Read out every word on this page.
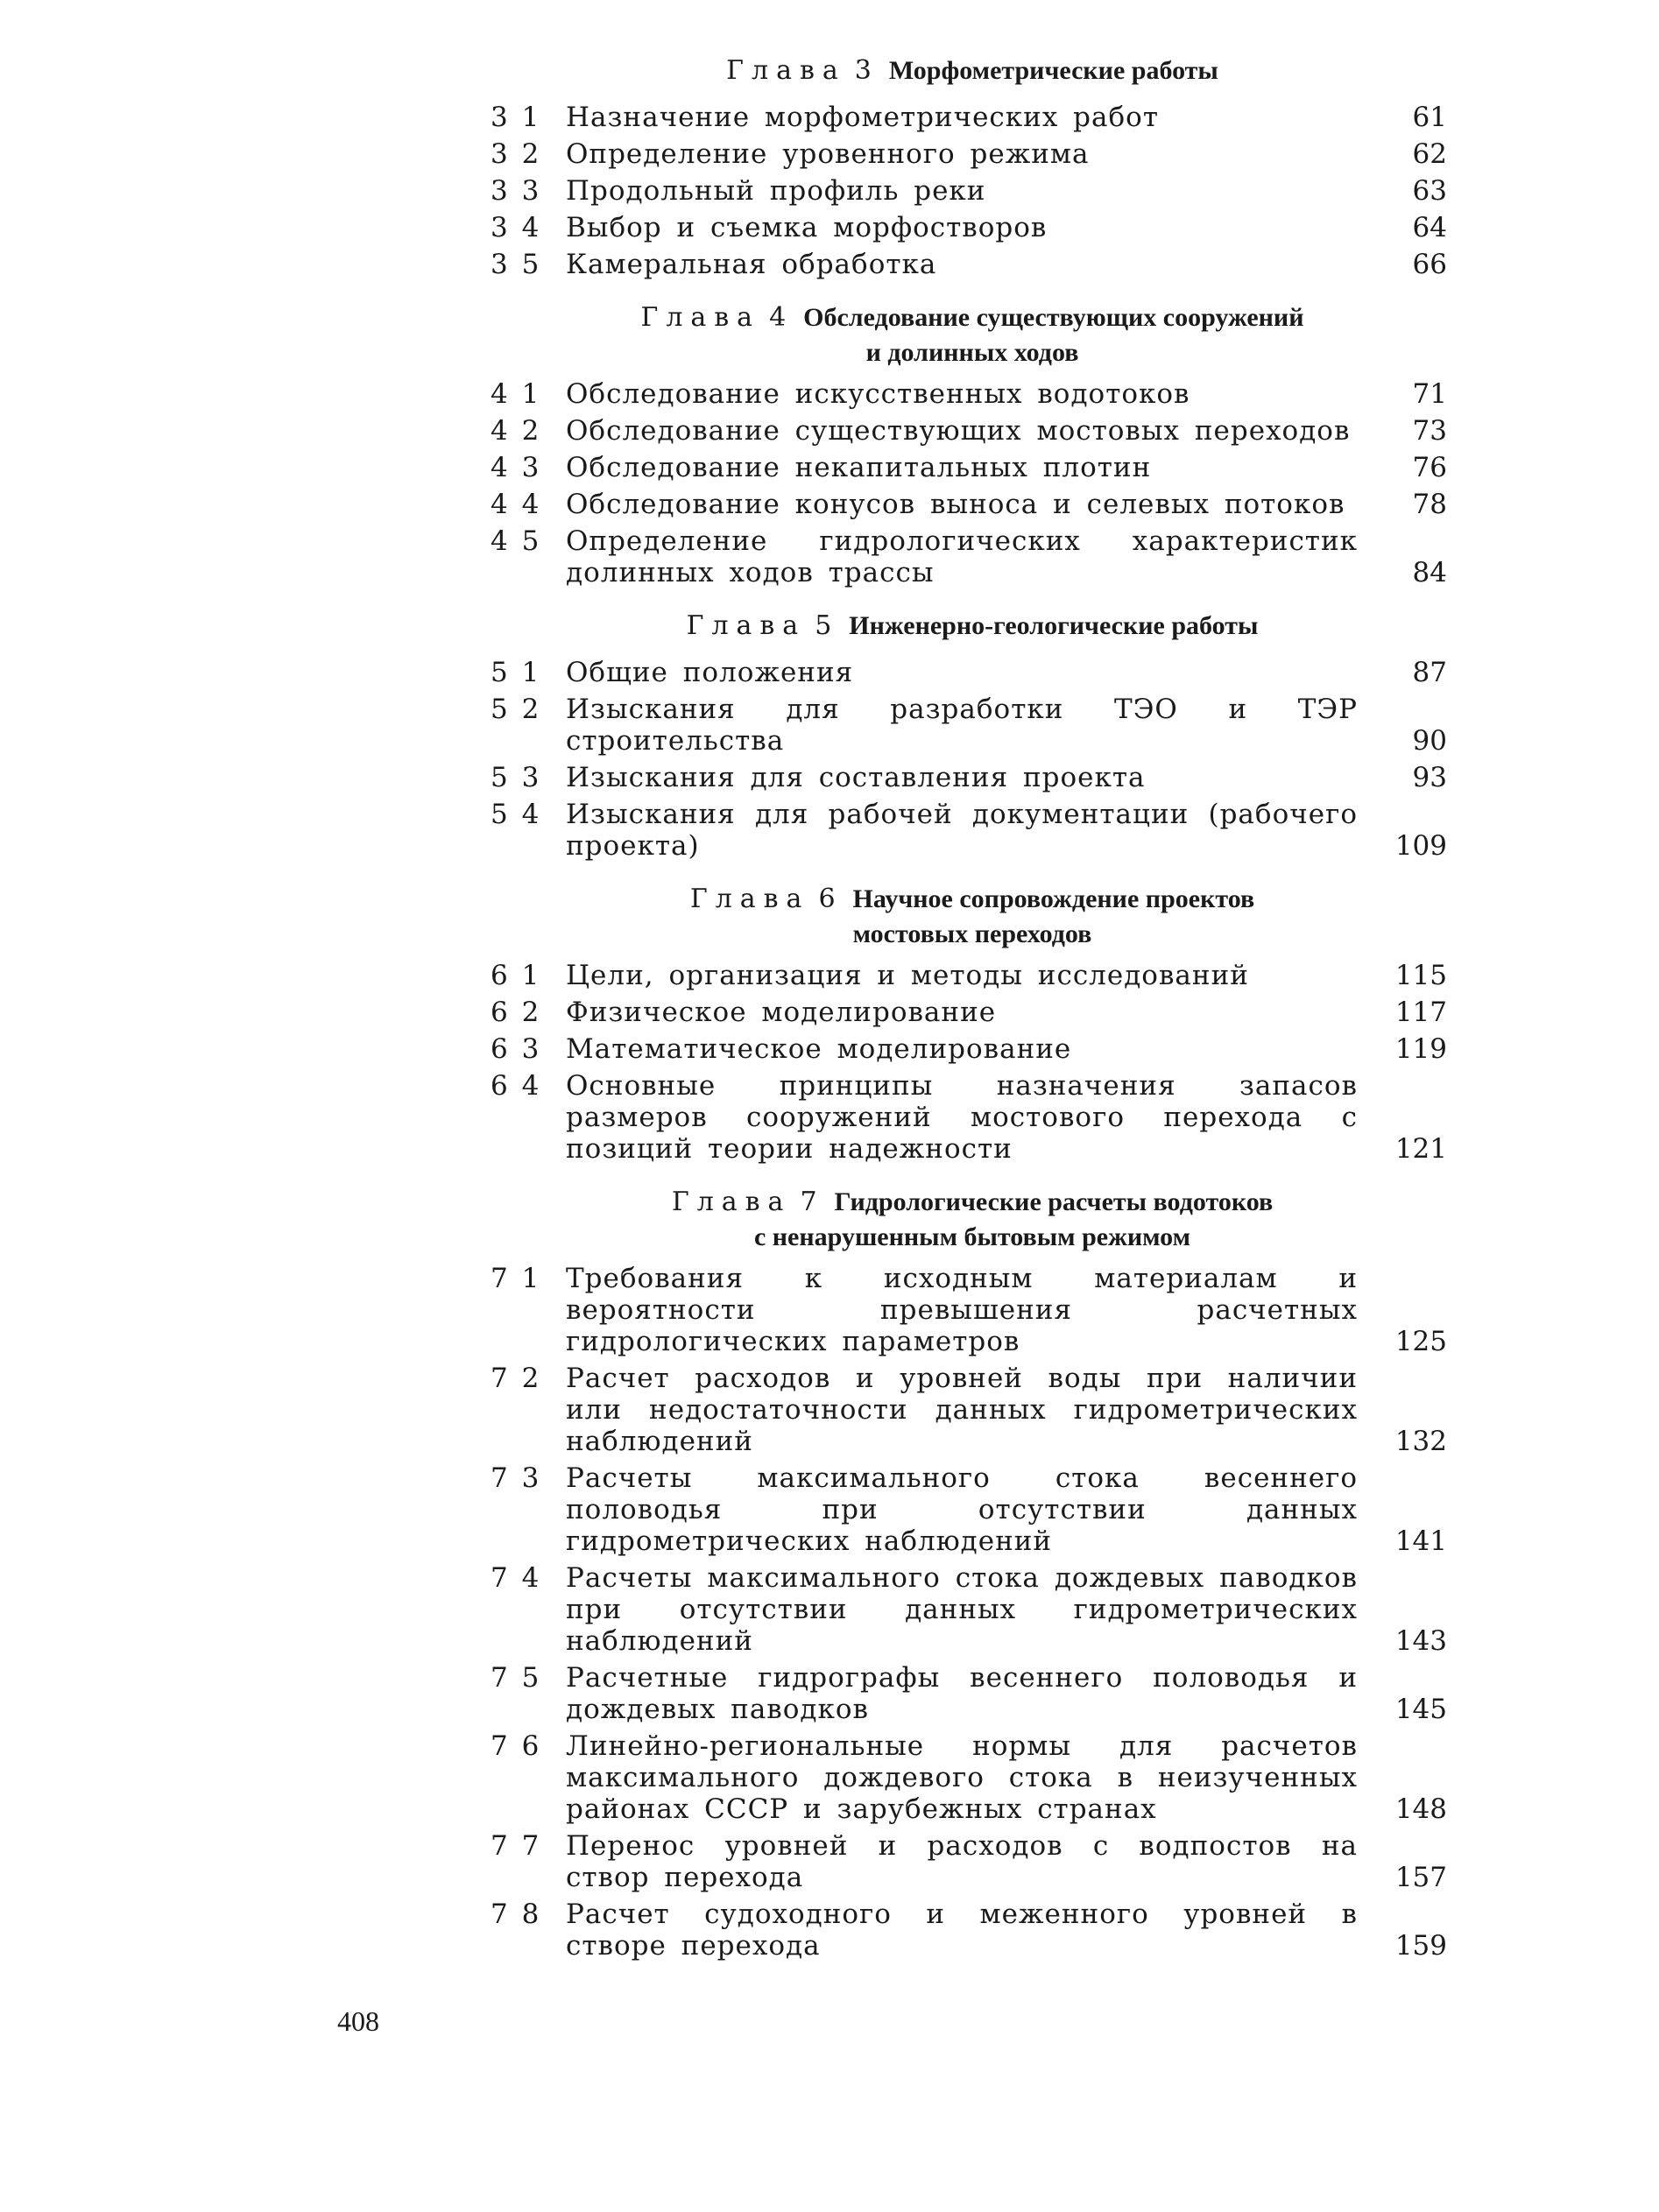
Глава 3 Морфометрические работы
3 1 Назначение морфометрических работ	61
3 2 Определение уровенного режима	62
3 3 Продольный профиль реки	63
3 4 Выбор и съемка морфостворов	64
3 5 Камеральная обработка	66
Глава 4 Обследование существующих сооружений
и долинных ходов
4 1 Обследование искусственных водотоков	71
4 2 Обследование существующих мостовых переходов	73
4 3 Обследование некапитальных плотин	76
4 4 Обследование конусов выноса и селевых потоков	78
4 5 Определение гидрологических характеристик долинных ходов трассы	84
Глава 5 Инженерно-геологические работы
5 1 Общие положения	87
5 2 Изыскания для разработки ТЭО и ТЭР строительства	90
5 3 Изыскания для составления проекта	93
5 4 Изыскания для рабочей документации (рабочего проекта)	109
Глава 6 Научное сопровождение проектов
мостовых переходов
6 1 Цели, организация и методы исследований	115
6 2 Физическое моделирование	117
6 3 Математическое моделирование	119
6 4 Основные принципы назначения запасов размеров сооружений мостового перехода с позиций теории надежности	121
Глава 7 Гидрологические расчеты водотоков
с ненарушенным бытовым режимом
7 1 Требования к исходным материалам и вероятности превышения расчетных гидрологических параметров	125
7 2 Расчет расходов и уровней воды при наличии или недостаточности данных гидрометрических наблюдений	132
7 3 Расчеты максимального стока весеннего половодья при отсутствии данных гидрометрических наблюдений	141
7 4 Расчеты максимального стока дождевых паводков при отсутствии данных гидрометрических наблюдений	143
7 5 Расчетные гидрографы весеннего половодья и дождевых паводков	145
7 6 Линейно-региональные нормы для расчетов максимального дождевого стока в неизученных районах СССР и зарубежных странах	148
7 7 Перенос уровней и расходов с водпостов на створ перехода	157
7 8 Расчет судоходного и меженного уровней в створе перехода	159
408
